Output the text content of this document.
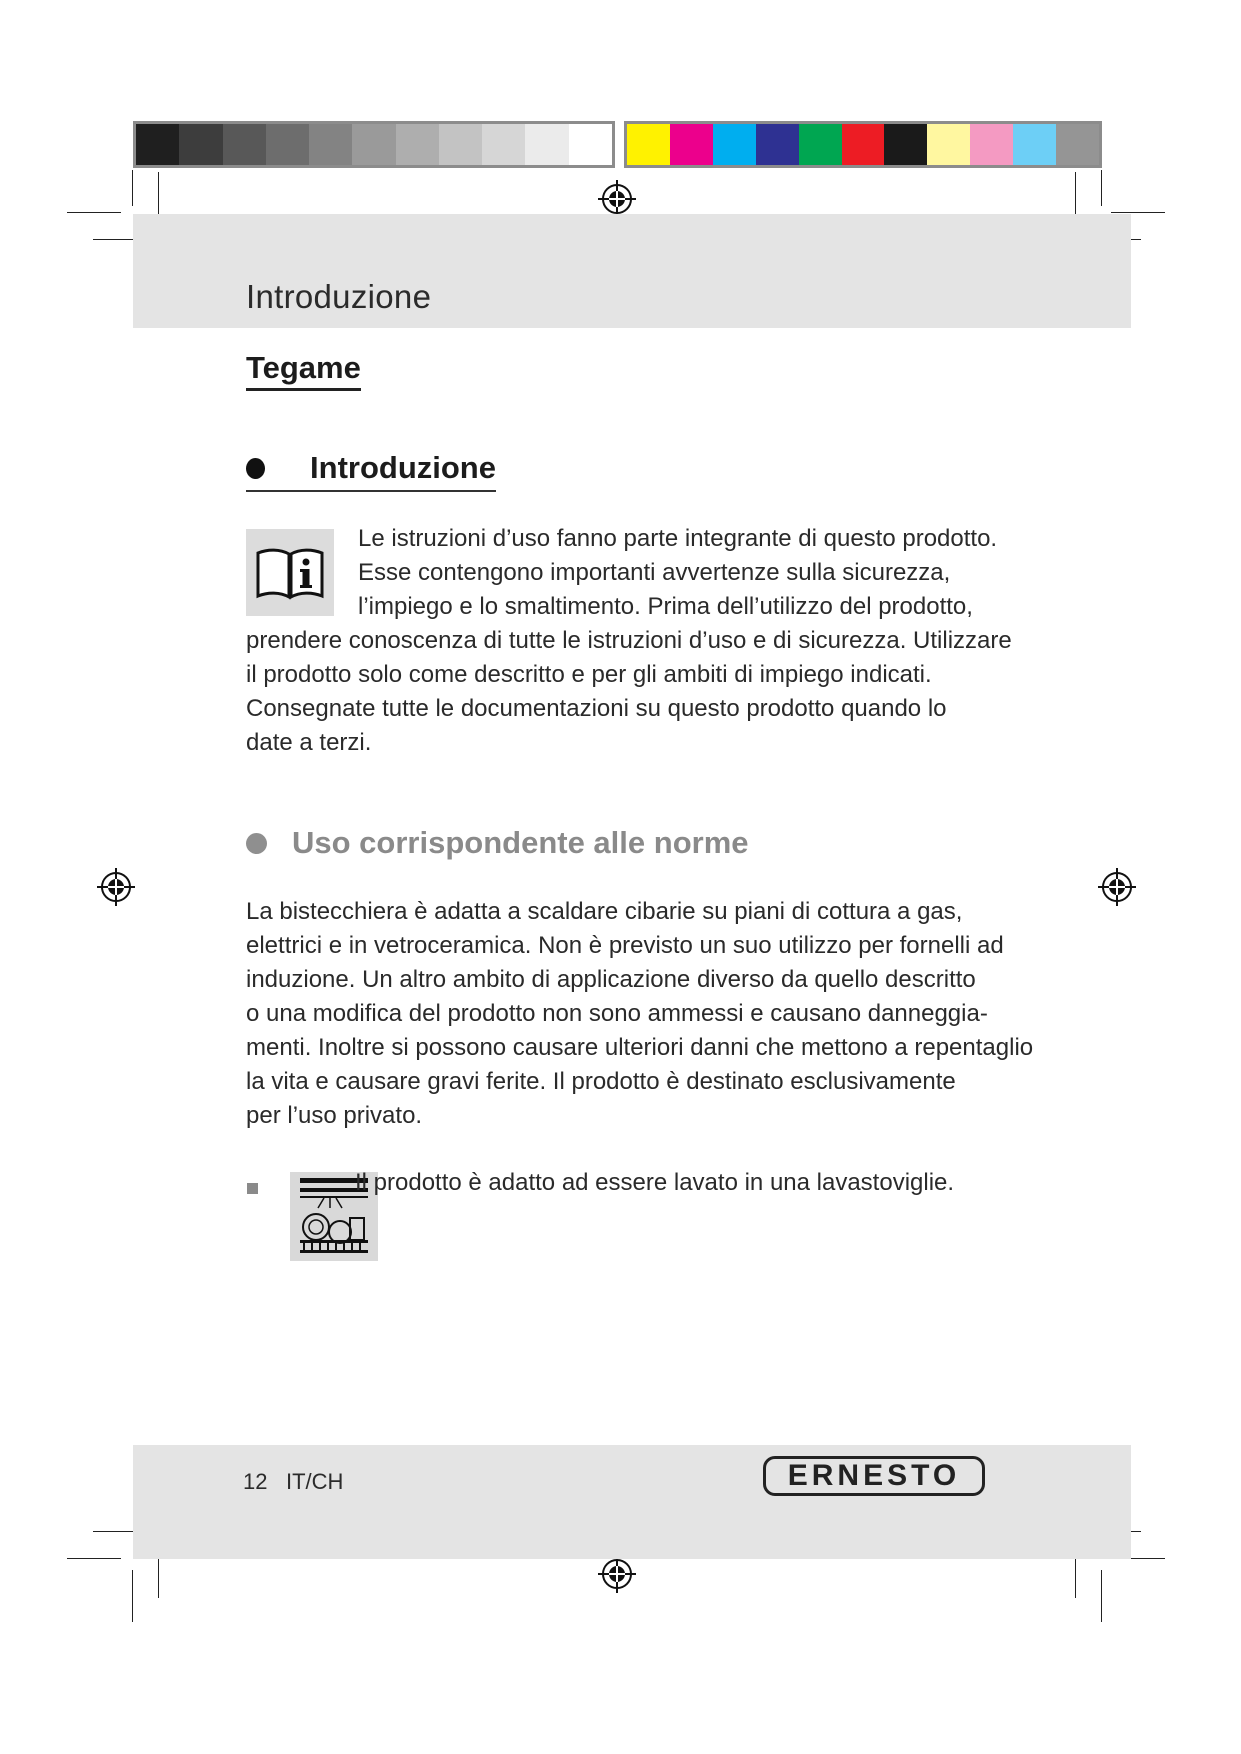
Introduzione
Tegame
Introduzione

Le istruzioni d’uso fanno parte integrante di questo prodotto.

Esse contengono importanti avvertenze sulla sicurezza,

l’impiego e lo smaltimento. Prima dell’utilizzo del prodotto,

prendere conoscenza di tutte le istruzioni d’uso e di sicurezza. Utilizzare

il prodotto solo come descritto e per gli ambiti di impiego indicati.

Consegnate tutte le documentazioni su questo prodotto quando lo

date a terzi.

Uso corrispondente alle norme

La bistecchiera è adatta a scaldare cibarie su piani di cottura a gas,

elettrici e in vetroceramica. Non è previsto un suo utilizzo per fornelli ad

induzione. Un altro ambito di applicazione diverso da quello descritto

o una modifica del prodotto non sono ammessi e causano danneggia-

menti. Inoltre si possono causare ulteriori danni che mettono a repentaglio

la vita e causare gravi ferite. Il prodotto è destinato esclusivamente

per l’uso privato.

Il prodotto è adatto ad essere lavato in una lavastoviglie.

12 IT/CH	ERNESTO
